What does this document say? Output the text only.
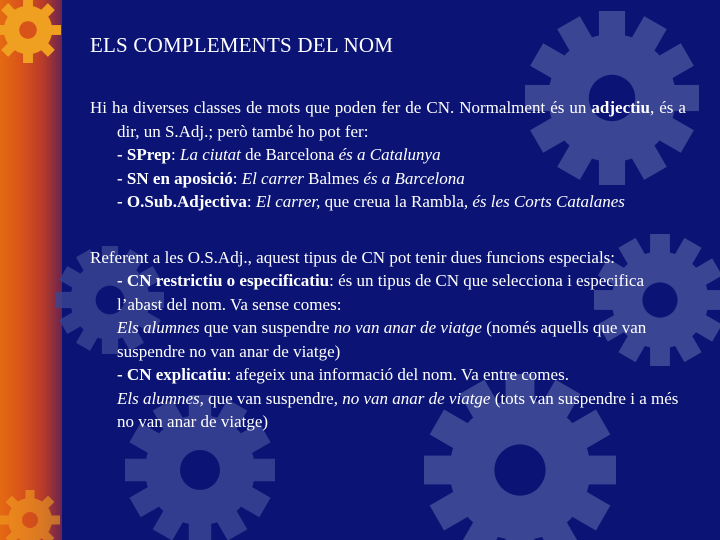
ELS COMPLEMENTS DEL NOM
Hi ha diverses classes de mots que poden fer de CN. Normalment és un adjectiu, és a dir, un S.Adj.; però també ho pot fer:
- SPrep: La ciutat de Barcelona és a Catalunya
- SN en aposició: El carrer Balmes és a Barcelona
- O.Sub.Adjectiva: El carrer, que creua la Rambla, és les Corts Catalanes
Referent a les O.S.Adj., aquest tipus de CN pot tenir dues funcions especials:
- CN restrictiu o especificatiu: és un tipus de CN que selecciona i especifica l’abast del nom. Va sense comes:
Els alumnes que van suspendre no van anar de viatge (només aquells que van suspendre no van anar de viatge)
- CN explicatiu: afegeix una informació del nom. Va entre comes.
Els alumnes, que van suspendre, no van anar de viatge (tots van suspendre i a més no van anar de viatge)
